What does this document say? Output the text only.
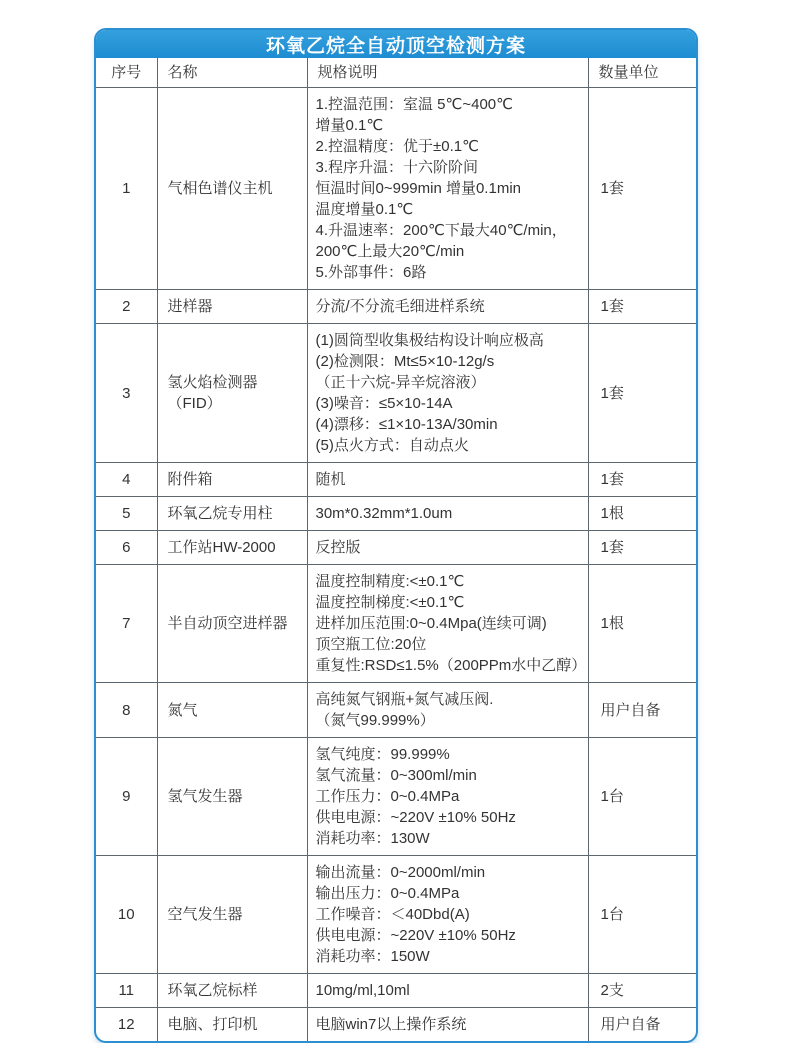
环氧乙烷全自动顶空检测方案
序号	名称	规格说明	数量单位
1	气相色谱仪主机	
1.控温范围：室温 5℃~400℃
增量0.1℃
2.控温精度：优于±0.1℃
3.程序升温：十六阶阶间
恒温时间0~999min 增量0.1min
温度增量0.1℃
4.升温速率：200℃下最大40℃/min，
200℃上最大20℃/min
5.外部事件：6路
	1套
2	进样器	分流/不分流毛细进样系统	1套
3	氢火焰检测器（FID）	
(1)圆筒型收集极结构设计响应极高
(2)检测限：Mt≤5×10-12g/s
（正十六烷-异辛烷溶液）
(3)噪音：≤5×10-14A
(4)漂移：≤1×10-13A/30min
(5)点火方式：自动点火
	1套
4	附件箱	随机	1套
5	环氧乙烷专用柱	30m*0.32mm*1.0um	1根
6	工作站HW-2000	反控版	1套
7	半自动顶空进样器	温度控制精度:<±0.1℃
温度控制梯度:<±0.1℃
进样加压范围:0~0.4Mpa(连续可调)
顶空瓶工位:20位
重复性:RSD≤1.5%（200PPm水中乙醇）	1根
8	氮气	高纯氮气钢瓶+氮气减压阀.
（氮气99.999%）	用户自备
9	氢气发生器	氢气纯度：99.999%
氢气流量：0~300ml/min
工作压力：0~0.4MPa
供电电源：~220V ±10% 50Hz
消耗功率：130W	1台
10	空气发生器	输出流量：0~2000ml/min
输出压力：0~0.4MPa
工作噪音：＜40Dbd(A)
供电电源：~220V ±10% 50Hz
消耗功率：150W	1台
11	环氧乙烷标样	10mg/ml,10ml	2支
12	电脑、打印机	电脑win7以上操作系统	用户自备
